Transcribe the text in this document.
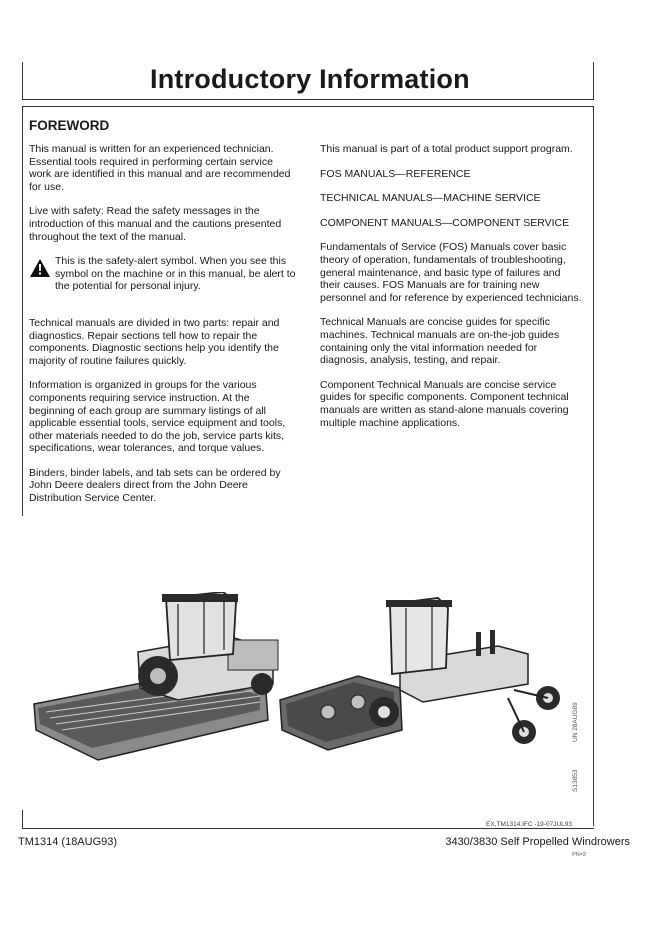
Introductory Information
FOREWORD

This manual is written for an experienced technician. Essential tools required in performing certain service work are identified in this manual and are recommended for use.

Live with safety: Read the safety messages in the introduction of this manual and the cautions presented throughout the text of the manual.

This is the safety-alert symbol. When you see this symbol on the machine or in this manual, be alert to the potential for personal injury.

Technical manuals are divided in two parts: repair and diagnostics. Repair sections tell how to repair the components. Diagnostic sections help you identify the majority of routine failures quickly.

Information is organized in groups for the various components requiring service instruction. At the beginning of each group are summary listings of all applicable essential tools, service equipment and tools, other materials needed to do the job, service parts kits, specifications, wear tolerances, and torque values.

Binders, binder labels, and tab sets can be ordered by John Deere dealers direct from the John Deere Distribution Service Center.

This manual is part of a total product support program.

FOS MANUALS—REFERENCE

TECHNICAL MANUALS—MACHINE SERVICE

COMPONENT MANUALS—COMPONENT SERVICE

Fundamentals of Service (FOS) Manuals cover basic theory of operation, fundamentals of troubleshooting, general maintenance, and basic type of failures and their causes. FOS Manuals are for training new personnel and for reference by experienced technicians.

Technical Manuals are concise guides for specific machines. Technical manuals are on-the-job guides containing only the vital information needed for diagnosis, analysis, testing, and repair.

Component Technical Manuals are concise service guides for specific components. Component technical manuals are written as stand-alone manuals covering multiple machine applications.

UN 28AUG89
S13853
EX,TM1314,IFC -19-07JUL93
TM1314 (18AUG93)	3430/3830 Self Propelled Windrowers
PN=2
